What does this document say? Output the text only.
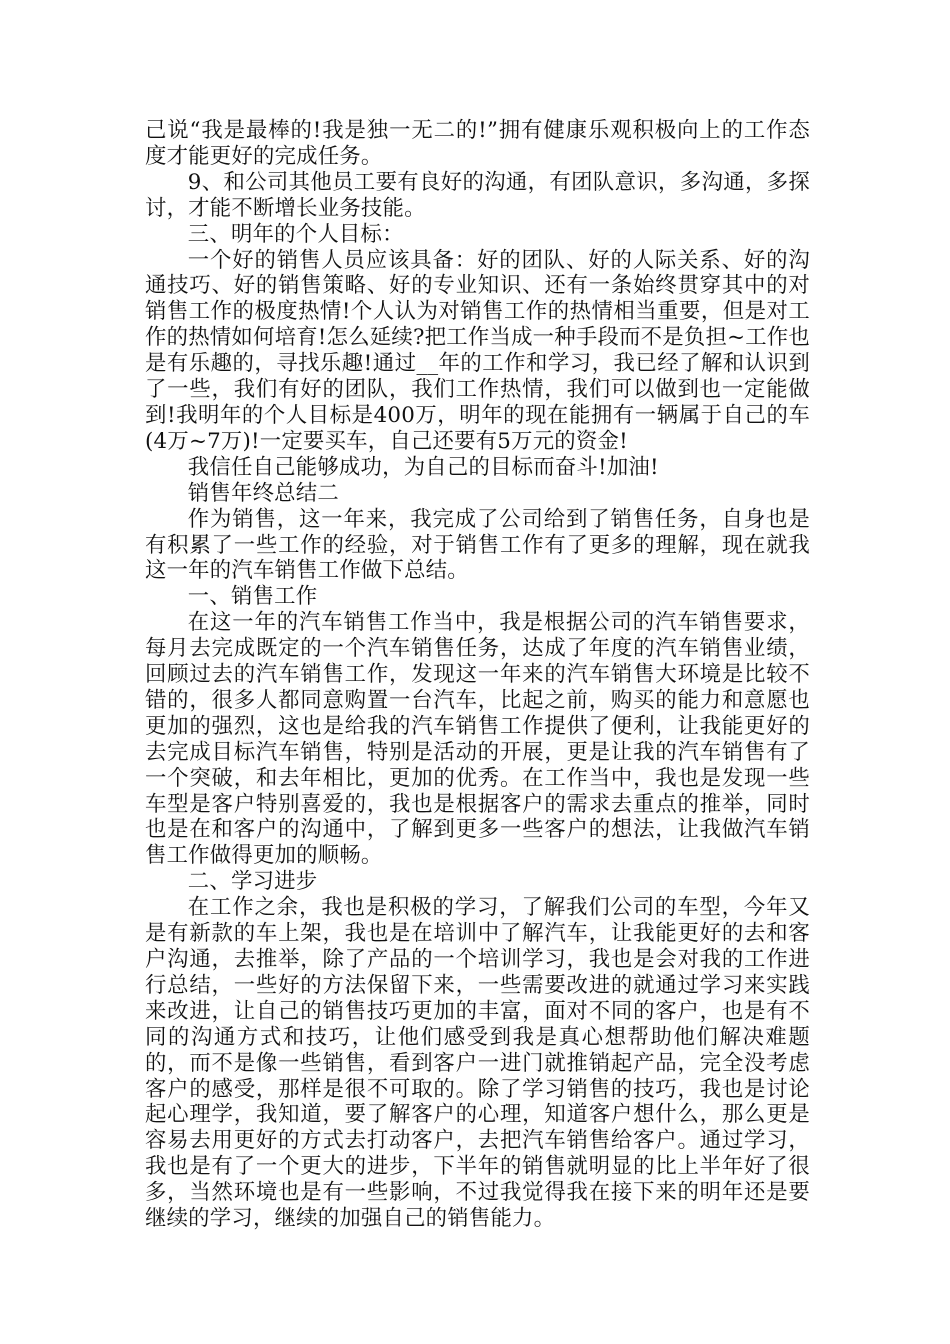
己说“我是最棒的!我是独一无二的!”拥有健康乐观积极向上的工作态度才能更好的完成任务。

9、和公司其他员工要有良好的沟通，有团队意识，多沟通，多探讨，才能不断增长业务技能。

三、明年的个人目标：

一个好的销售人员应该具备：好的团队、好的人际关系、好的沟通技巧、好的销售策略、好的专业知识、还有一条始终贯穿其中的对销售工作的极度热情!个人认为对销售工作的热情相当重要，但是对工作的热情如何培育!怎么延续?把工作当成一种手段而不是负担~工作也是有乐趣的，寻找乐趣!通过__年的工作和学习，我已经了解和认识到了一些，我们有好的团队，我们工作热情，我们可以做到也一定能做到!我明年的个人目标是400万，明年的现在能拥有一辆属于自己的车(4万~7万)!一定要买车，自己还要有5万元的资金!

我信任自己能够成功，为自己的目标而奋斗!加油!

销售年终总结二

作为销售，这一年来，我完成了公司给到了销售任务，自身也是有积累了一些工作的经验，对于销售工作有了更多的理解，现在就我这一年的汽车销售工作做下总结。

一、销售工作

在这一年的汽车销售工作当中，我是根据公司的汽车销售要求，每月去完成既定的一个汽车销售任务，达成了年度的汽车销售业绩，回顾过去的汽车销售工作，发现这一年来的汽车销售大环境是比较不错的，很多人都同意购置一台汽车，比起之前，购买的能力和意愿也更加的强烈，这也是给我的汽车销售工作提供了便利，让我能更好的去完成目标汽车销售，特别是活动的开展，更是让我的汽车销售有了一个突破，和去年相比，更加的优秀。在工作当中，我也是发现一些车型是客户特别喜爱的，我也是根据客户的需求去重点的推举，同时也是在和客户的沟通中，了解到更多一些客户的想法，让我做汽车销售工作做得更加的顺畅。

二、学习进步

在工作之余，我也是积极的学习，了解我们公司的车型，今年又是有新款的车上架，我也是在培训中了解汽车，让我能更好的去和客户沟通，去推举，除了产品的一个培训学习，我也是会对我的工作进行总结，一些好的方法保留下来，一些需要改进的就通过学习来实践来改进，让自己的销售技巧更加的丰富，面对不同的客户，也是有不同的沟通方式和技巧，让他们感受到我是真心想帮助他们解决难题的，而不是像一些销售，看到客户一进门就推销起产品，完全没考虑客户的感受，那样是很不可取的。除了学习销售的技巧，我也是讨论起心理学，我知道，要了解客户的心理，知道客户想什么，那么更是容易去用更好的方式去打动客户，去把汽车销售给客户。通过学习，我也是有了一个更大的进步，下半年的销售就明显的比上半年好了很多，当然环境也是有一些影响，不过我觉得我在接下来的明年还是要继续的学习，继续的加强自己的销售能力。
